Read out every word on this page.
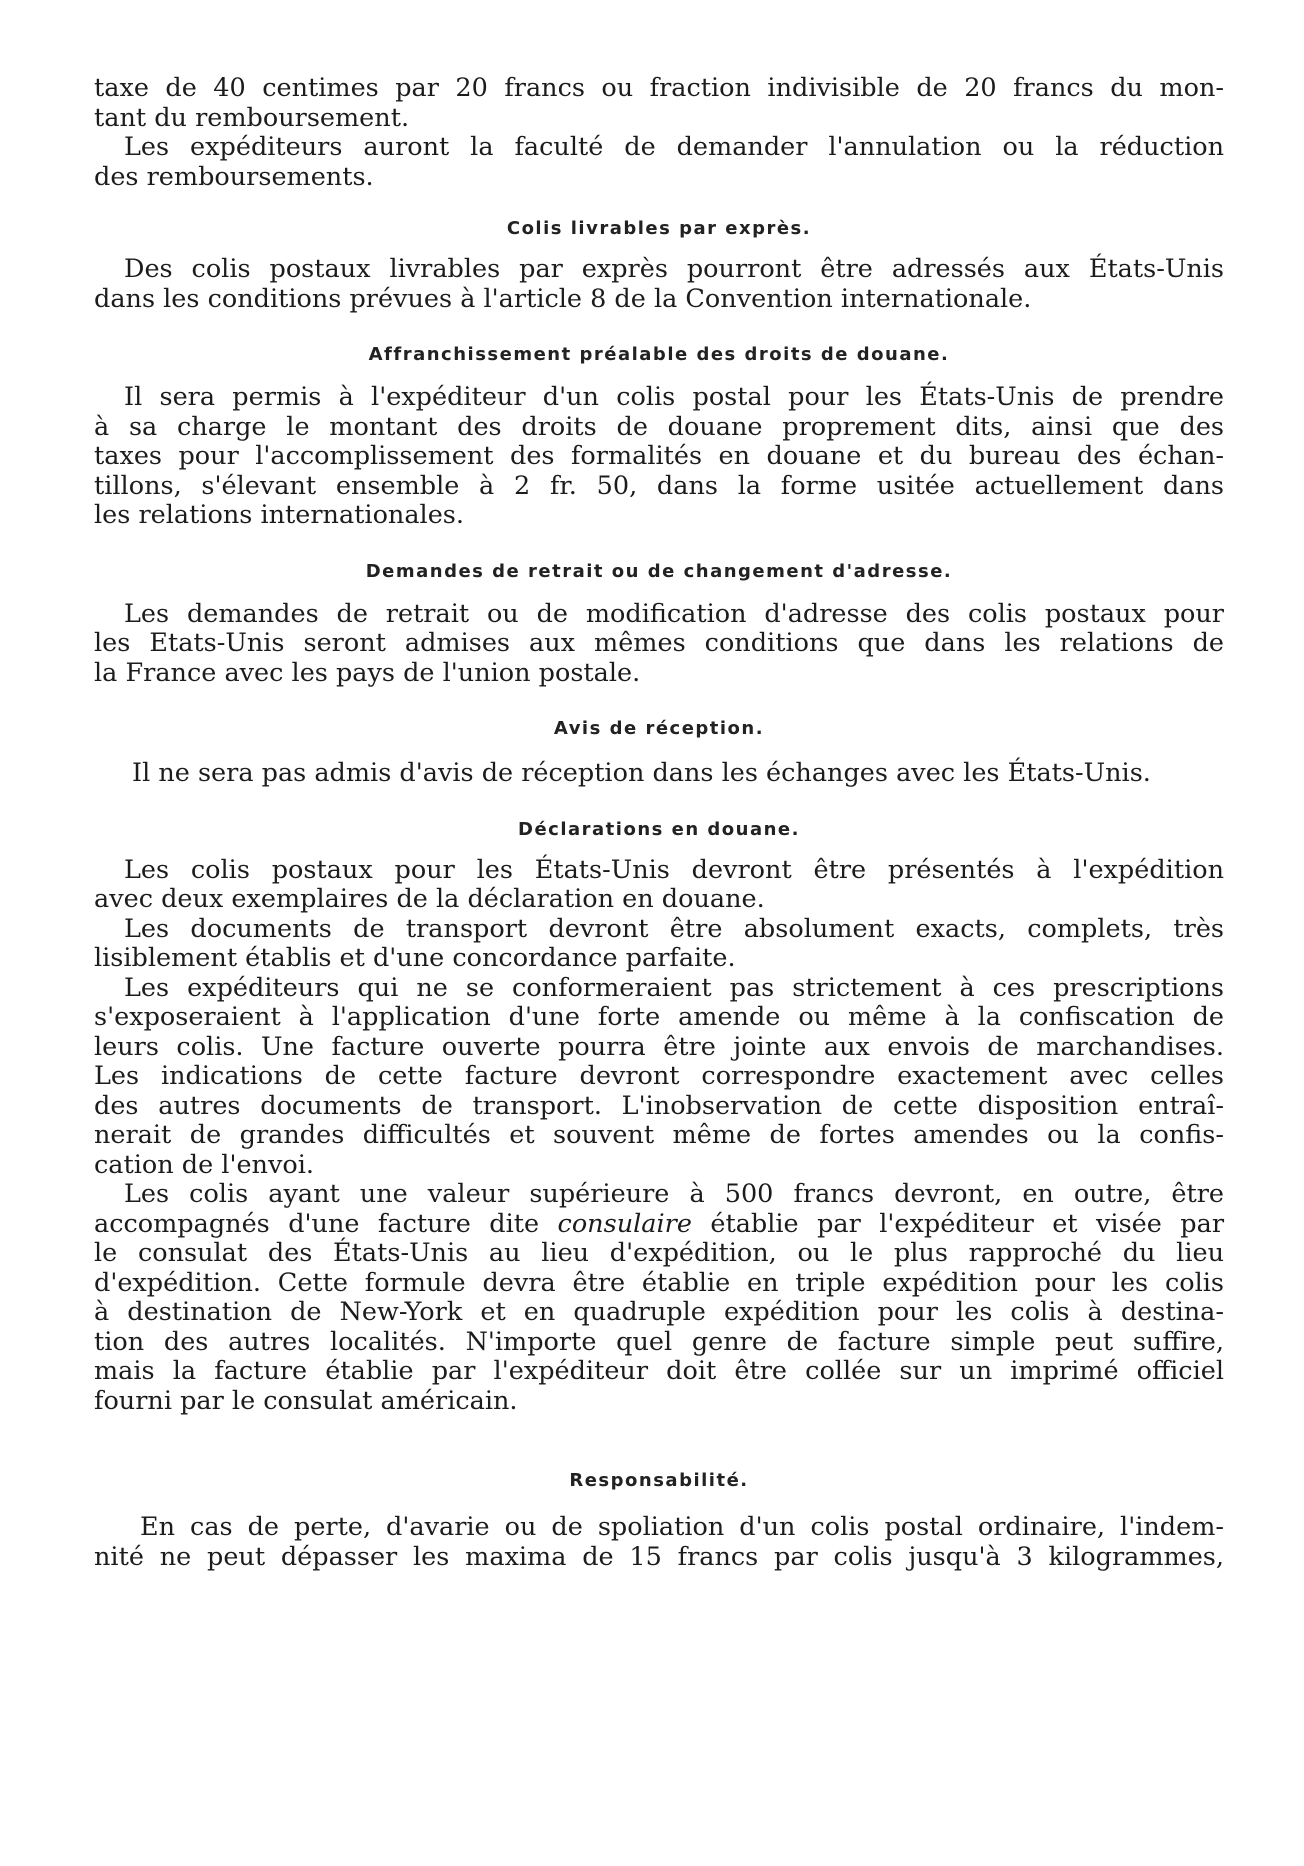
taxe de 40 centimes par 20 francs ou fraction indivisible de 20 francs du mon-
tant du remboursement.

Les expéditeurs auront la faculté de demander l'annulation ou la réduction
des remboursements.

Colis livrables par exprès.

Des colis postaux livrables par exprès pourront être adressés aux États-Unis
dans les conditions prévues à l'article 8 de la Convention internationale.

Affranchissement préalable des droits de douane.

Il sera permis à l'expéditeur d'un colis postal pour les États-Unis de prendre
à sa charge le montant des droits de douane proprement dits, ainsi que des
taxes pour l'accomplissement des formalités en douane et du bureau des échan-
tillons, s'élevant ensemble à 2 fr. 50, dans la forme usitée actuellement dans
les relations internationales.

Demandes de retrait ou de changement d'adresse.

Les demandes de retrait ou de modification d'adresse des colis postaux pour
les Etats-Unis seront admises aux mêmes conditions que dans les relations de
la France avec les pays de l'union postale.

Avis de réception.

Il ne sera pas admis d'avis de réception dans les échanges avec les États-Unis.

Déclarations en douane.

Les colis postaux pour les États-Unis devront être présentés à l'expédition
avec deux exemplaires de la déclaration en douane.

Les documents de transport devront être absolument exacts, complets, très
lisiblement établis et d'une concordance parfaite.

Les expéditeurs qui ne se conformeraient pas strictement à ces prescriptions
s'exposeraient à l'application d'une forte amende ou même à la confiscation de
leurs colis. Une facture ouverte pourra être jointe aux envois de marchandises.
Les indications de cette facture devront correspondre exactement avec celles
des autres documents de transport. L'inobservation de cette disposition entraî-
nerait de grandes difficultés et souvent même de fortes amendes ou la confis-
cation de l'envoi.

Les colis ayant une valeur supérieure à 500 francs devront, en outre, être
accompagnés d'une facture dite consulaire établie par l'expéditeur et visée par
le consulat des États-Unis au lieu d'expédition, ou le plus rapproché du lieu
d'expédition. Cette formule devra être établie en triple expédition pour les colis
à destination de New-York et en quadruple expédition pour les colis à destina-
tion des autres localités. N'importe quel genre de facture simple peut suffire,
mais la facture établie par l'expéditeur doit être collée sur un imprimé officiel
fourni par le consulat américain.

Responsabilité.

En cas de perte, d'avarie ou de spoliation d'un colis postal ordinaire, l'indem-
nité ne peut dépasser les maxima de 15 francs par colis jusqu'à 3 kilogrammes,
